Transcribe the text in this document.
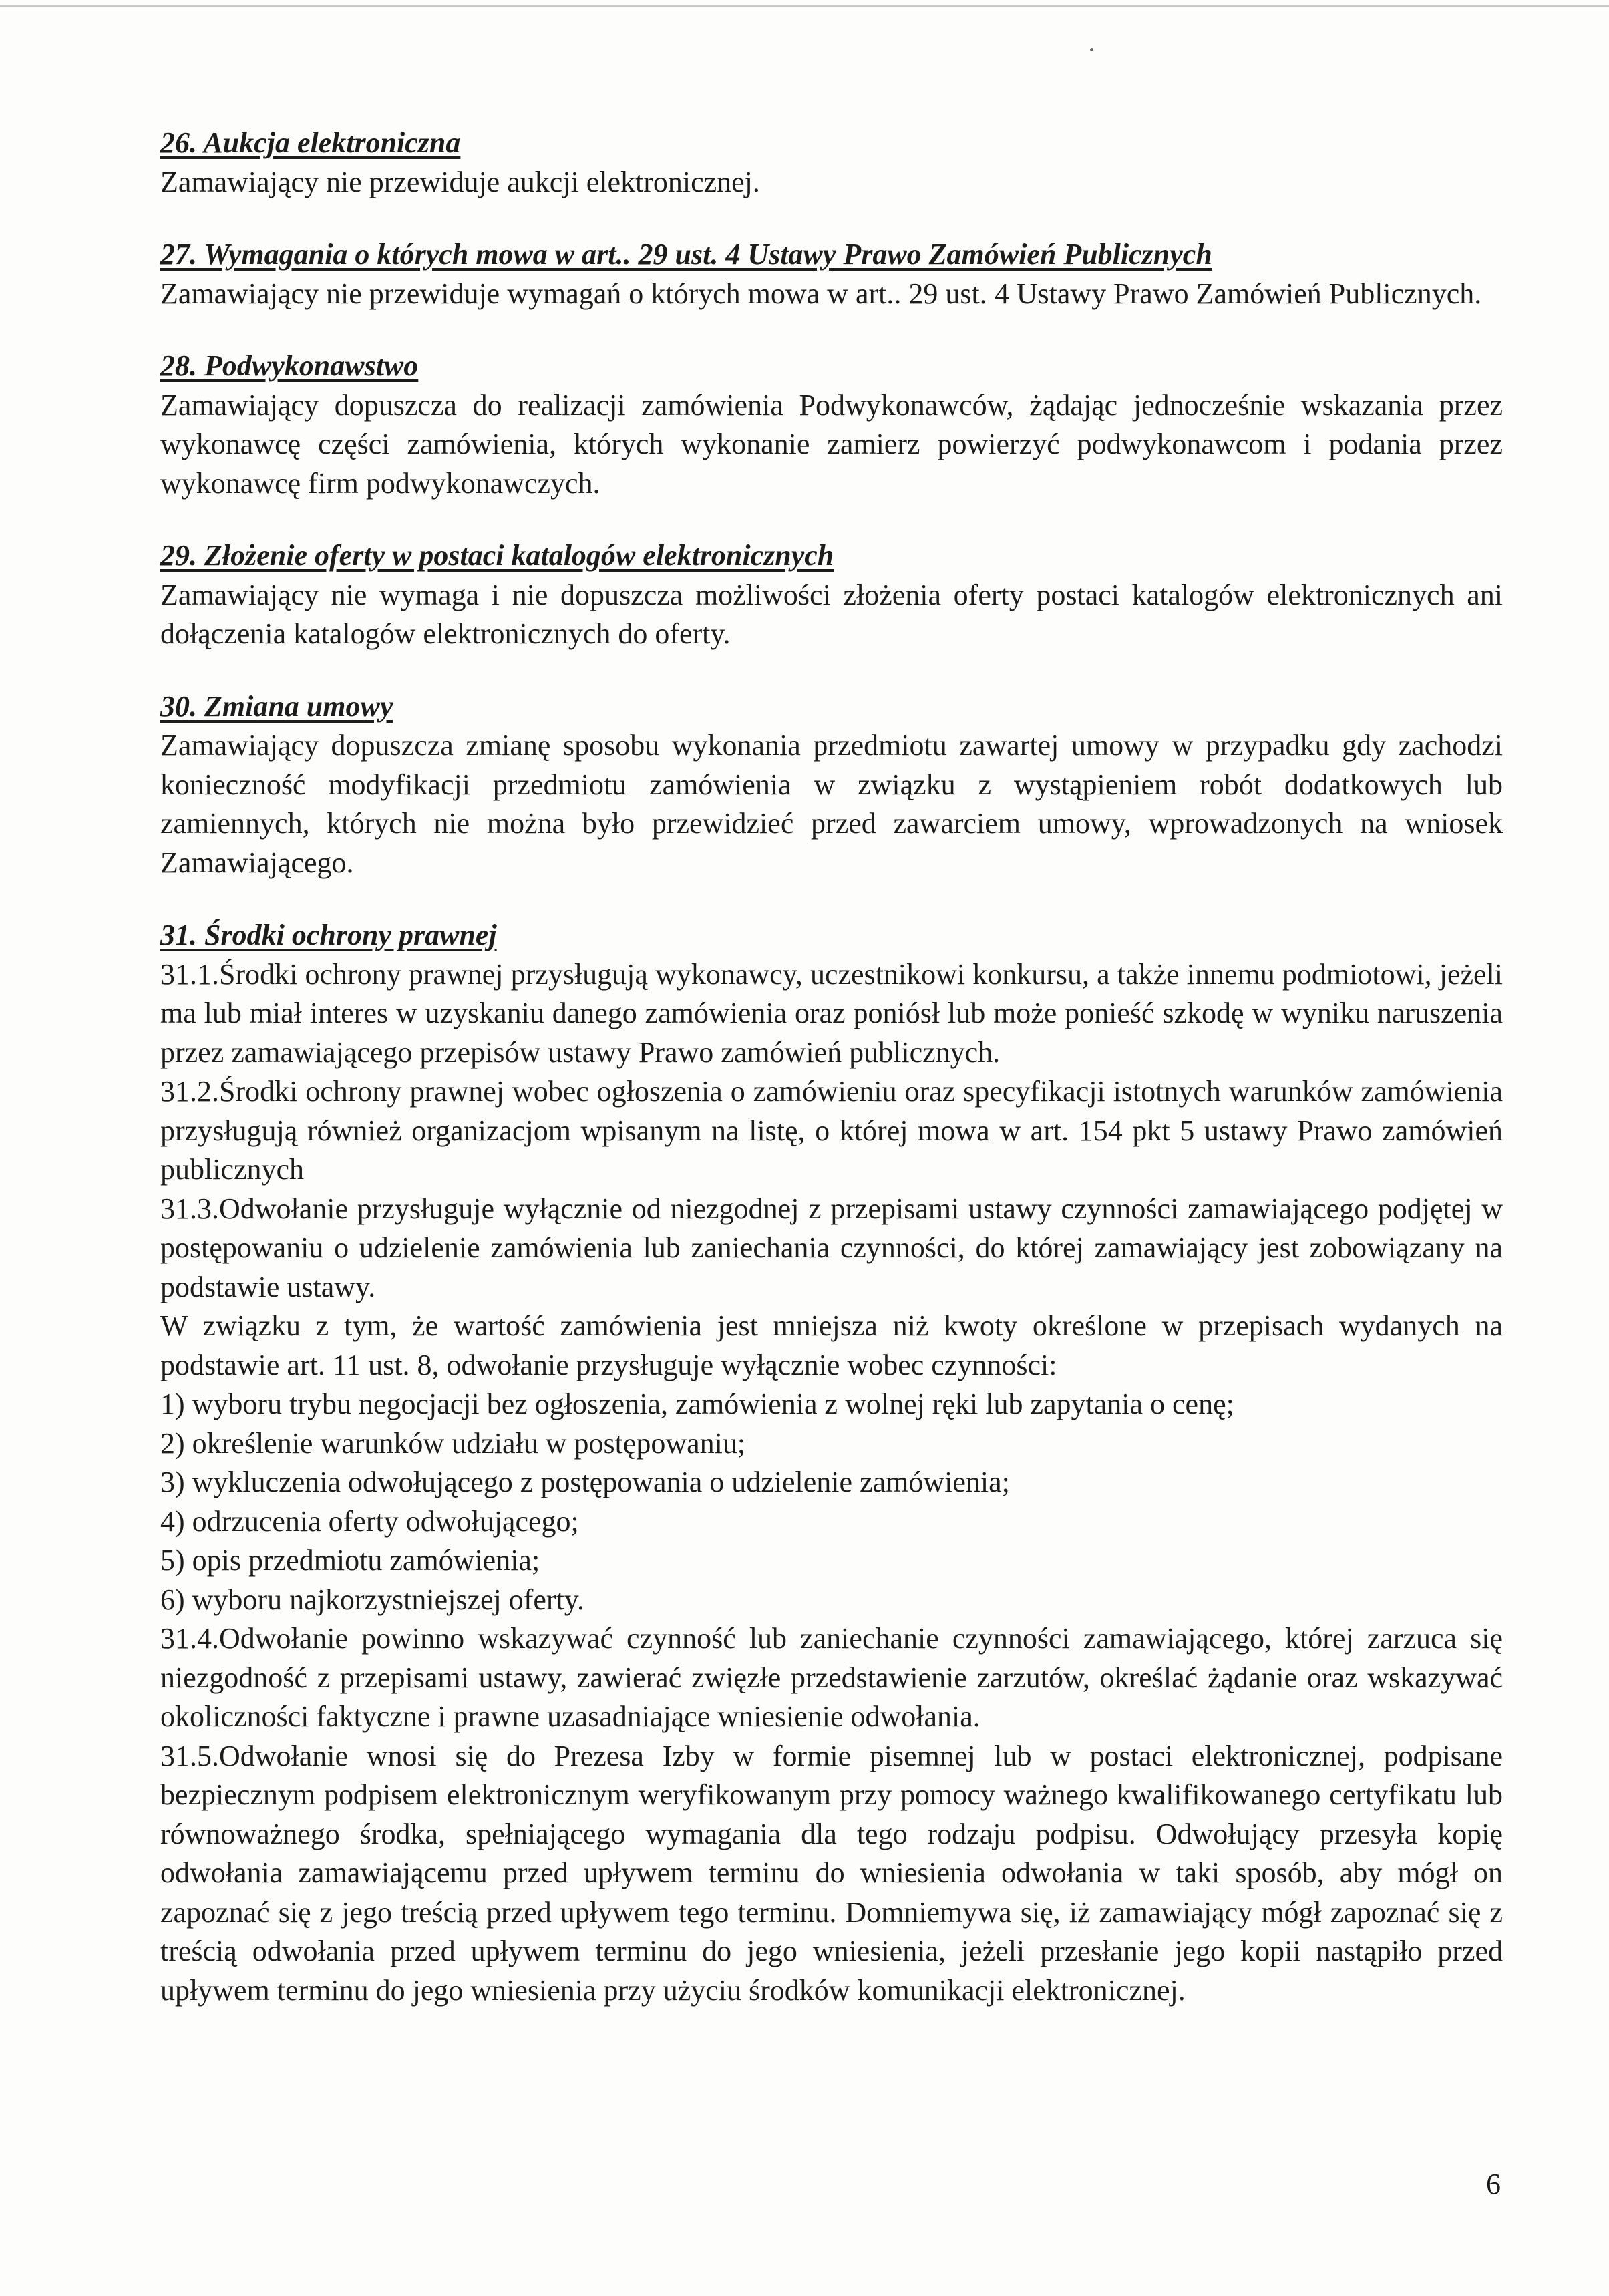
26. Aukcja elektroniczna

Zamawiający nie przewiduje aukcji elektronicznej.

27. Wymagania o których mowa w art.. 29 ust. 4 Ustawy Prawo Zamówień Publicznych

Zamawiający nie przewiduje wymagań o których mowa w art.. 29 ust. 4 Ustawy Prawo Zamówień Publicznych.

28. Podwykonawstwo

Zamawiający dopuszcza do realizacji zamówienia Podwykonawców, żądając jednocześnie wskazania przez wykonawcę części zamówienia, których wykonanie zamierz powierzyć podwykonawcom i podania przez wykonawcę firm podwykonawczych.

29. Złożenie oferty w postaci katalogów elektronicznych

Zamawiający nie wymaga i nie dopuszcza możliwości złożenia oferty postaci katalogów elektronicznych ani dołączenia katalogów elektronicznych do oferty.

30. Zmiana umowy

Zamawiający dopuszcza zmianę sposobu wykonania przedmiotu zawartej umowy w przypadku gdy zachodzi konieczność modyfikacji przedmiotu zamówienia w związku z wystąpieniem robót dodatkowych lub zamiennych, których nie można było przewidzieć przed zawarciem umowy, wprowadzonych na wniosek Zamawiającego.

31. Środki ochrony prawnej

31.1.Środki ochrony prawnej przysługują wykonawcy, uczestnikowi konkursu, a także innemu podmiotowi, jeżeli ma lub miał interes w uzyskaniu danego zamówienia oraz poniósł lub może ponieść szkodę w wyniku naruszenia przez zamawiającego przepisów ustawy Prawo zamówień publicznych.

31.2.Środki ochrony prawnej wobec ogłoszenia o zamówieniu oraz specyfikacji istotnych warunków zamówienia przysługują również organizacjom wpisanym na listę, o której mowa w art. 154 pkt 5 ustawy Prawo zamówień publicznych

31.3.Odwołanie przysługuje wyłącznie od niezgodnej z przepisami ustawy czynności zamawiającego podjętej w postępowaniu o udzielenie zamówienia lub zaniechania czynności, do której zamawiający jest zobowiązany na podstawie ustawy.

W związku z tym, że wartość zamówienia jest mniejsza niż kwoty określone w przepisach wydanych na podstawie art. 11 ust. 8, odwołanie przysługuje wyłącznie wobec czynności:

1) wyboru trybu negocjacji bez ogłoszenia, zamówienia z wolnej ręki lub zapytania o cenę;

2) określenie warunków udziału w postępowaniu;

3) wykluczenia odwołującego z postępowania o udzielenie zamówienia;

4) odrzucenia oferty odwołującego;

5) opis przedmiotu zamówienia;

6) wyboru najkorzystniejszej oferty.

31.4.Odwołanie powinno wskazywać czynność lub zaniechanie czynności zamawiającego, której zarzuca się niezgodność z przepisami ustawy, zawierać zwięzłe przedstawienie zarzutów, określać żądanie oraz wskazywać okoliczności faktyczne i prawne uzasadniające wniesienie odwołania.

31.5.Odwołanie wnosi się do Prezesa Izby w formie pisemnej lub w postaci elektronicznej, podpisane bezpiecznym podpisem elektronicznym weryfikowanym przy pomocy ważnego kwalifikowanego certyfikatu lub równoważnego środka, spełniającego wymagania dla tego rodzaju podpisu. Odwołujący przesyła kopię odwołania zamawiającemu przed upływem terminu do wniesienia odwołania w taki sposób, aby mógł on zapoznać się z jego treścią przed upływem tego terminu. Domniemywa się, iż zamawiający mógł zapoznać się z treścią odwołania przed upływem terminu do jego wniesienia, jeżeli przesłanie jego kopii nastąpiło przed upływem terminu do jego wniesienia przy użyciu środków komunikacji elektronicznej.

6
